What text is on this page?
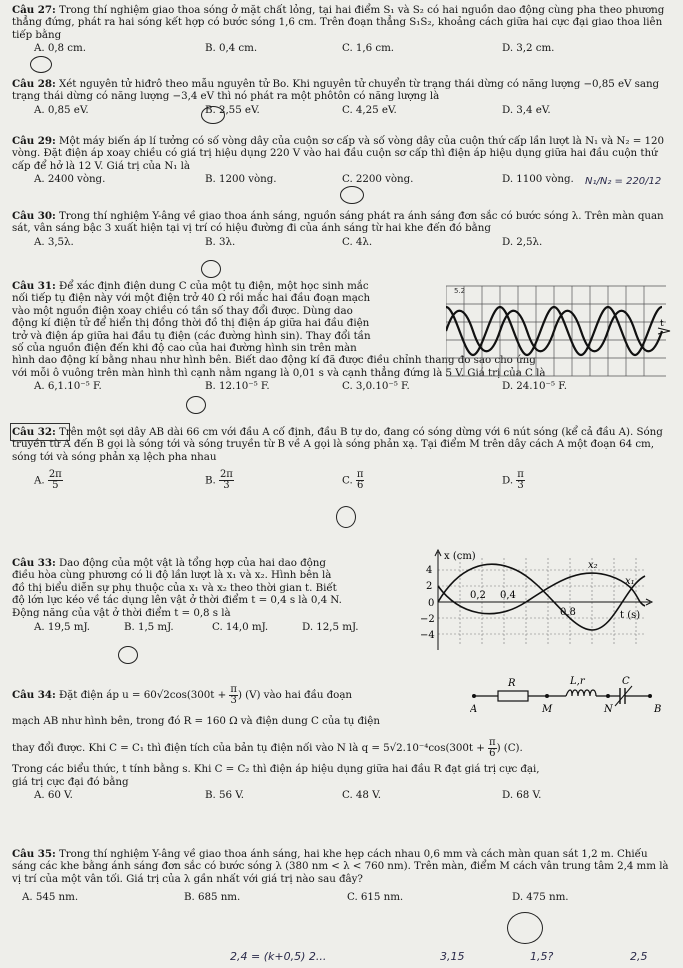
Câu 27: Trong thí nghiệm giao thoa sóng ở mặt chất lỏng, tại hai điểm S₁ và S₂ có hai nguồn dao động cùng pha theo phương thẳng đứng, phát ra hai sóng kết hợp có bước sóng 1,6 cm. Trên đoạn thẳng S₁S₂, khoảng cách giữa hai cực đại giao thoa liên tiếp bằng

A. 0,8 cm.	B. 0,4 cm.	C. 1,6 cm.	D. 3,2 cm.

Câu 28: Xét nguyên tử hiđrô theo mẫu nguyên tử Bo. Khi nguyên tử chuyển từ trạng thái dừng có năng lượng −0,85 eV sang trạng thái dừng có năng lượng −3,4 eV thì nó phát ra một phôtôn có năng lượng là

A. 0,85 eV.	B. 2,55 eV.	C. 4,25 eV.	D. 3,4 eV.

Câu 29: Một máy biến áp lí tưởng có số vòng dây của cuộn sơ cấp và số vòng dây của cuộn thứ cấp lần lượt là N₁ và N₂ = 120 vòng. Đặt điện áp xoay chiều có giá trị hiệu dụng 220 V vào hai đầu cuộn sơ cấp thì điện áp hiệu dụng giữa hai đầu cuộn thứ cấp để hở là 12 V. Giá trị của N₁ là

A. 2400 vòng.	B. 1200 vòng.	C. 2200 vòng.	D. 1100 vòng. N₁/N₂ = 220/12

Câu 30: Trong thí nghiệm Y-âng về giao thoa ánh sáng, nguồn sáng phát ra ánh sáng đơn sắc có bước sóng λ. Trên màn quan sát, vân sáng bậc 3 xuất hiện tại vị trí có hiệu đường đi của ánh sáng từ hai khe đến đó bằng

A. 3,5λ.	B. 3λ.	C. 4λ.	D. 2,5λ.

Câu 31: Để xác định điện dung C của một tụ điện, một học sinh mắc

nối tiếp tụ điện này với một điện trở 40 Ω rồi mắc hai đầu đoạn mạch

vào một nguồn điện xoay chiều có tần số thay đổi được. Dùng dao

động kí điện tử để hiển thị đồng thời đồ thị điện áp giữa hai đầu điện

trở và điện áp giữa hai đầu tụ điện (các đường hình sin). Thay đổi tần

số của nguồn điện đến khi độ cao của hai đường hình sin trên màn

hình dao động kí bằng nhau như hình bên. Biết dao động kí đã được điều chỉnh thang đo sao cho ứng

với mỗi ô vuông trên màn hình thì cạnh nằm ngang là 0,01 s và cạnh thẳng đứng là 5 V. Giá trị của C là

A. 6,1.10⁻⁵ F.	B. 12.10⁻⁵ F.	C. 3,0.10⁻⁵ F.	D. 24.10⁻⁵ F.
t
5.2

Câu 32: Trên một sợi dây AB dài 66 cm với đầu A cố định, đầu B tự do, đang có sóng dừng với 6 nút sóng (kể cả đầu A). Sóng truyền từ A đến B gọi là sóng tới và sóng truyền từ B về A gọi là sóng phản xạ. Tại điểm M trên dây cách A một đoạn 64 cm, sóng tới và sóng phản xạ lệch pha nhau

A. $\frac{2\pi}{5}$	B. $\frac{2\pi}{3}$	C. $\frac{\pi}{6}$	D. $\frac{\pi}{3}$

Câu 33: Dao động của một vật là tổng hợp của hai dao động

điều hòa cùng phương có li độ lần lượt là x₁ và x₂. Hình bên là

đồ thị biểu diễn sự phụ thuộc của x₁ và x₂ theo thời gian t. Biết

độ lớn lực kéo về tác dụng lên vật ở thời điểm t = 0,4 s là 0,4 N.

Động năng của vật ở thời điểm t = 0,8 s là

A. 19,5 mJ.	B. 1,5 mJ.	C. 14,0 mJ.	D. 12,5 mJ.
x (cm)
t (s)
4
2
0
−2
−4
0,2 0,4
0,8
x₂
x₁

Câu 34: Đặt điện áp $u = 60√2\cos(300t + \frac{\pi}{3}$ ) (V) vào hai đầu đoạn

mạch AB như hình bên, trong đó R = 160 Ω và điện dung C của tụ điện

thay đổi được. Khi C = C₁ thì điện tích của bản tụ điện nối vào N là $q = 5√2.10^{-4}\cos(300t + \frac{\pi}{6}$ ) (C).

Trong các biểu thức, t tính bằng s. Khi C = C₂ thì điện áp hiệu dụng giữa hai đầu R đạt giá trị cực đại,

giá trị cực đại đó bằng

A. 60 V.	B. 56 V.	C. 48 V.	D. 68 V.
R	L,r	C
A	M	N	B

Câu 35: Trong thí nghiệm Y-âng về giao thoa ánh sáng, hai khe hẹp cách nhau 0,6 mm và cách màn quan sát 1,2 m. Chiếu sáng các khe bằng ánh sáng đơn sắc có bước sóng λ (380 nm < λ < 760 nm). Trên màn, điểm M cách vân trung tâm 2,4 mm là vị trí của một vân tối. Giá trị của λ gần nhất với giá trị nào sau đây?

A. 545 nm.	B. 685 nm.	C. 615 nm.	D. 475 nm.
2,4 = (k+0,5) 2...	3,15	1,5?	2,5
